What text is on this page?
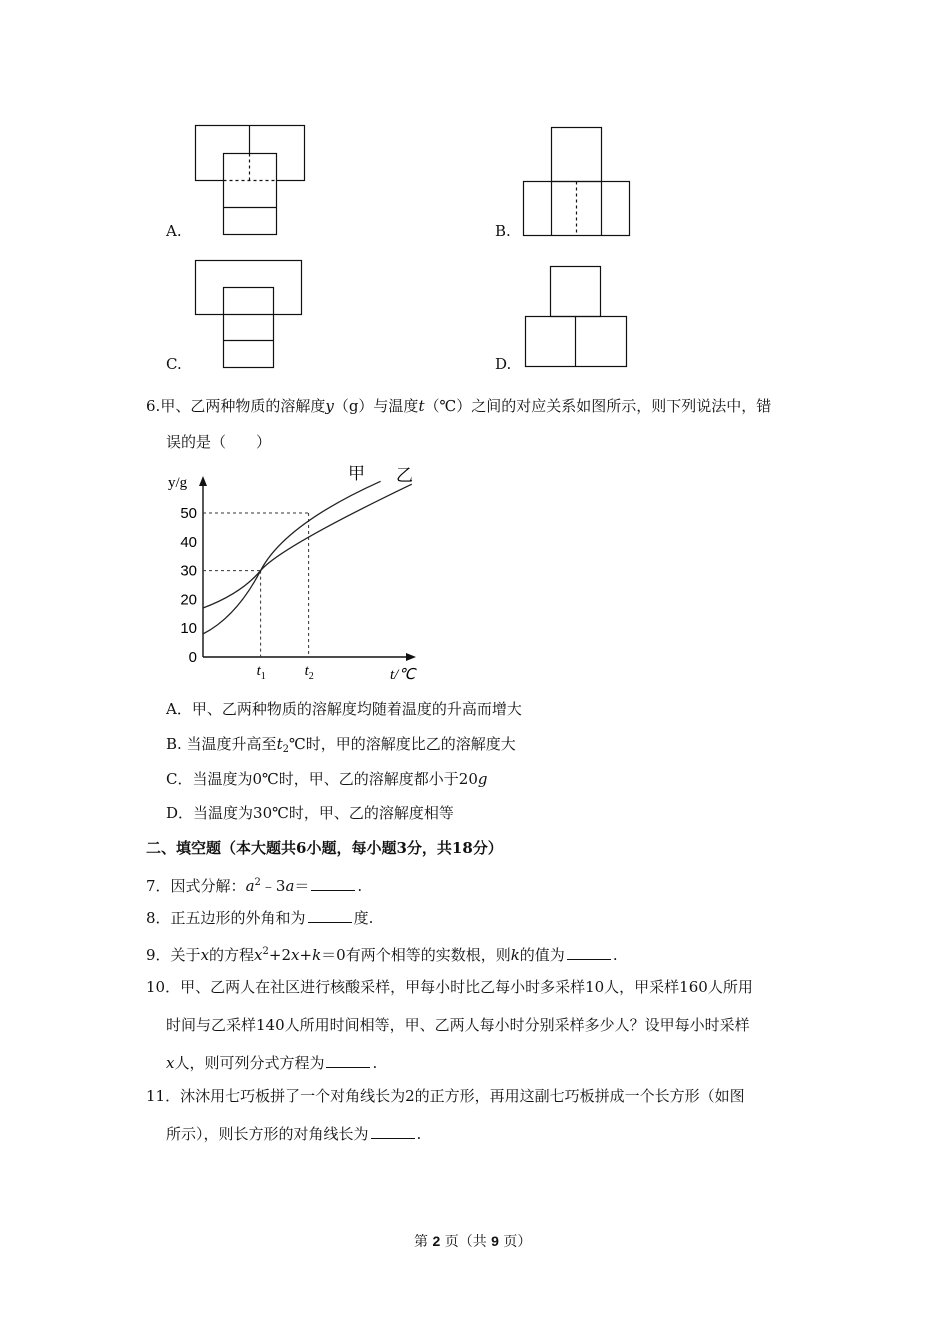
A.	B.
C.	D.
6.甲、乙两种物质的溶解度y（g）与温度t（℃）之间的对应关系如图所示，则下列说法中，错
误的是（　　）
y/g
t/℃
0
10
20
30
40
50
$t_1$	$t_2$
甲 乙
A．甲、乙两种物质的溶解度均随着温度的升高而增大
B. 当温度升高至$t_2℃$时，甲的溶解度比乙的溶解度大
C．当温度为0℃时，甲、乙的溶解度都小于20g
D．当温度为30℃时，甲、乙的溶解度相等
二、填空题（本大题共6小题，每小题3分，共18分）
7．因式分解：$a^2﹣3a=$	.
8．正五边形的外角和为	度.
9．关于x的方程$x^2+2x+k=0$有两个相等的实数根，则k的值为	.
10．甲、乙两人在社区进行核酸采样，甲每小时比乙每小时多采样10人，甲采样160人所用
时间与乙采样140人所用时间相等，甲、乙两人每小时分别采样多少人？设甲每小时采样
x人，则可列分式方程为	.
11．沐沐用七巧板拼了一个对角线长为2的正方形，再用这副七巧板拼成一个长方形（如图
所示），则长方形的对角线长为	.
第 2 页（共 9 页）
